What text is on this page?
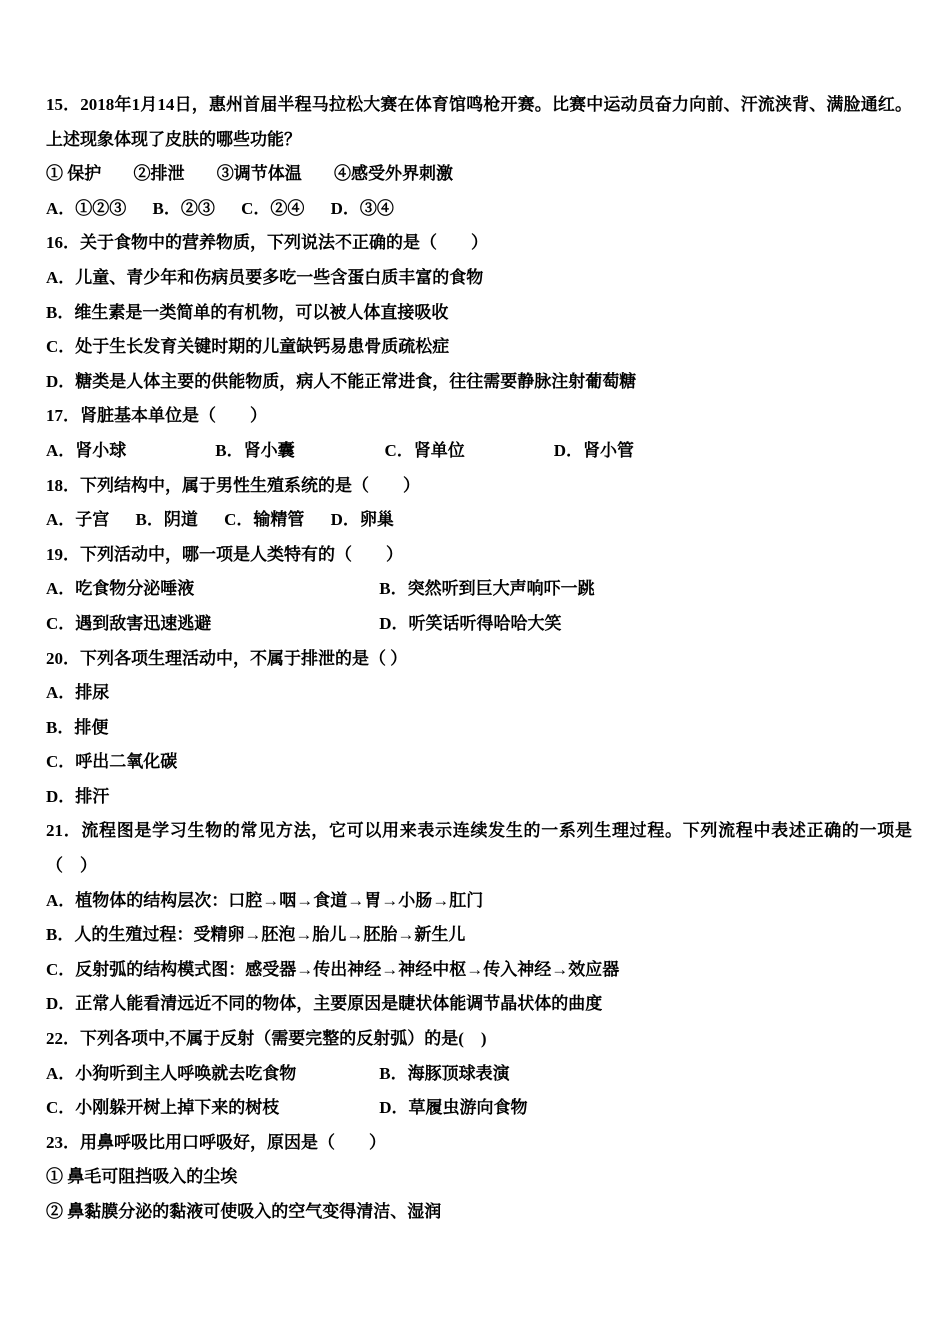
15．2018年1月14日，惠州首届半程马拉松大赛在体育馆鸣枪开赛。比赛中运动员奋力向前、汗流浃背、满脸通红。上述现象体现了皮肤的哪些功能？
① 保护 ②排泄 ③调节体温 ④感受外界刺激
A．①②③ B．②③ C．②④ D．③④
16．关于食物中的营养物质，下列说法不正确的是（　　）
A．儿童、青少年和伤病员要多吃一些含蛋白质丰富的食物
B．维生素是一类简单的有机物，可以被人体直接吸收
C．处于生长发育关键时期的儿童缺钙易患骨质疏松症
D．糖类是人体主要的供能物质，病人不能正常进食，往往需要静脉注射葡萄糖
17．肾脏基本单位是（　　）
A．肾小球	B．肾小囊	C．肾单位	D．肾小管
18．下列结构中，属于男性生殖系统的是（　　）
A．子宫 B．阴道 C．输精管 D．卵巢
19．下列活动中，哪一项是人类特有的（　　）
A．吃食物分泌唾液	B．突然听到巨大声响吓一跳
C．遇到敌害迅速逃避	D．听笑话听得哈哈大笑
20．下列各项生理活动中，不属于排泄的是（ ）
A．排尿
B．排便
C．呼出二氧化碳
D．排汗
21．流程图是学习生物的常见方法，它可以用来表示连续发生的一系列生理过程。下列流程中表述正确的一项是（　）
A．植物体的结构层次：口腔→咽→食道→胃→小肠→肛门
B．人的生殖过程：受精卵→胚泡→胎儿→胚胎→新生儿
C．反射弧的结构模式图：感受器→传出神经→神经中枢→传入神经→效应器
D．正常人能看清远近不同的物体，主要原因是睫状体能调节晶状体的曲度
22．下列各项中,不属于反射（需要完整的反射弧）的是(　)
A．小狗听到主人呼唤就去吃食物	B．海豚顶球表演
C．小刚躲开树上掉下来的树枝	D．草履虫游向食物
23．用鼻呼吸比用口呼吸好，原因是（　　）
① 鼻毛可阻挡吸入的尘埃
② 鼻黏膜分泌的黏液可使吸入的空气变得清洁、湿润
